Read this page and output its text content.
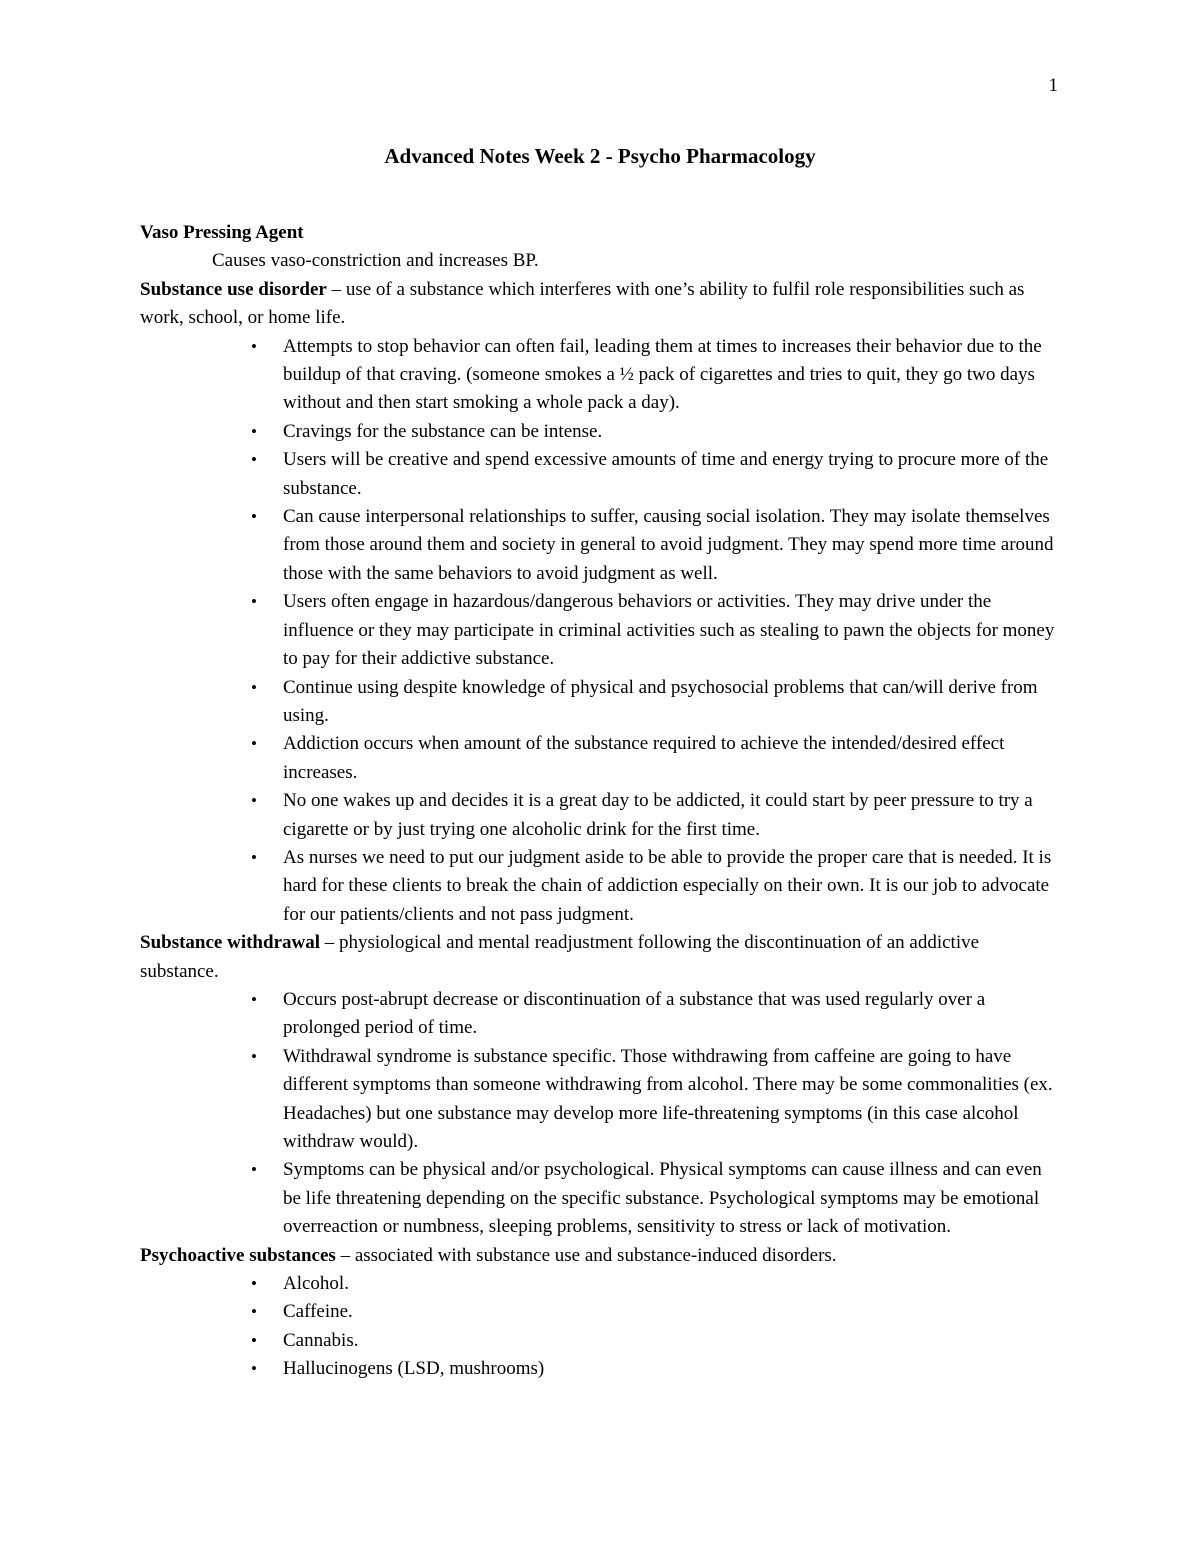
1
Advanced Notes Week 2 - Psycho Pharmacology

Vaso Pressing Agent

Causes vaso-constriction and increases BP.

Substance use disorder – use of a substance which interferes with one’s ability to fulfil role responsibilities such as work, school, or home life.

• Attempts to stop behavior can often fail, leading them at times to increases their behavior due to the buildup of that craving. (someone smokes a ½ pack of cigarettes and tries to quit, they go two days without and then start smoking a whole pack a day).
• Cravings for the substance can be intense.
• Users will be creative and spend excessive amounts of time and energy trying to procure more of the substance.
• Can cause interpersonal relationships to suffer, causing social isolation. They may isolate themselves from those around them and society in general to avoid judgment. They may spend more time around those with the same behaviors to avoid judgment as well.
• Users often engage in hazardous/dangerous behaviors or activities. They may drive under the influence or they may participate in criminal activities such as stealing to pawn the objects for money to pay for their addictive substance.
• Continue using despite knowledge of physical and psychosocial problems that can/will derive from using.
• Addiction occurs when amount of the substance required to achieve the intended/desired effect increases.
• No one wakes up and decides it is a great day to be addicted, it could start by peer pressure to try a cigarette or by just trying one alcoholic drink for the first time.
• As nurses we need to put our judgment aside to be able to provide the proper care that is needed. It is hard for these clients to break the chain of addiction especially on their own. It is our job to advocate for our patients/clients and not pass judgment.

Substance withdrawal – physiological and mental readjustment following the discontinuation of an addictive substance.

• Occurs post-abrupt decrease or discontinuation of a substance that was used regularly over a prolonged period of time.
• Withdrawal syndrome is substance specific. Those withdrawing from caffeine are going to have different symptoms than someone withdrawing from alcohol. There may be some commonalities (ex. Headaches) but one substance may develop more life-threatening symptoms (in this case alcohol withdraw would).
• Symptoms can be physical and/or psychological. Physical symptoms can cause illness and can even be life threatening depending on the specific substance. Psychological symptoms may be emotional overreaction or numbness, sleeping problems, sensitivity to stress or lack of motivation.

Psychoactive substances – associated with substance use and substance-induced disorders.

• Alcohol.
• Caffeine.
• Cannabis.
• Hallucinogens (LSD, mushrooms)
